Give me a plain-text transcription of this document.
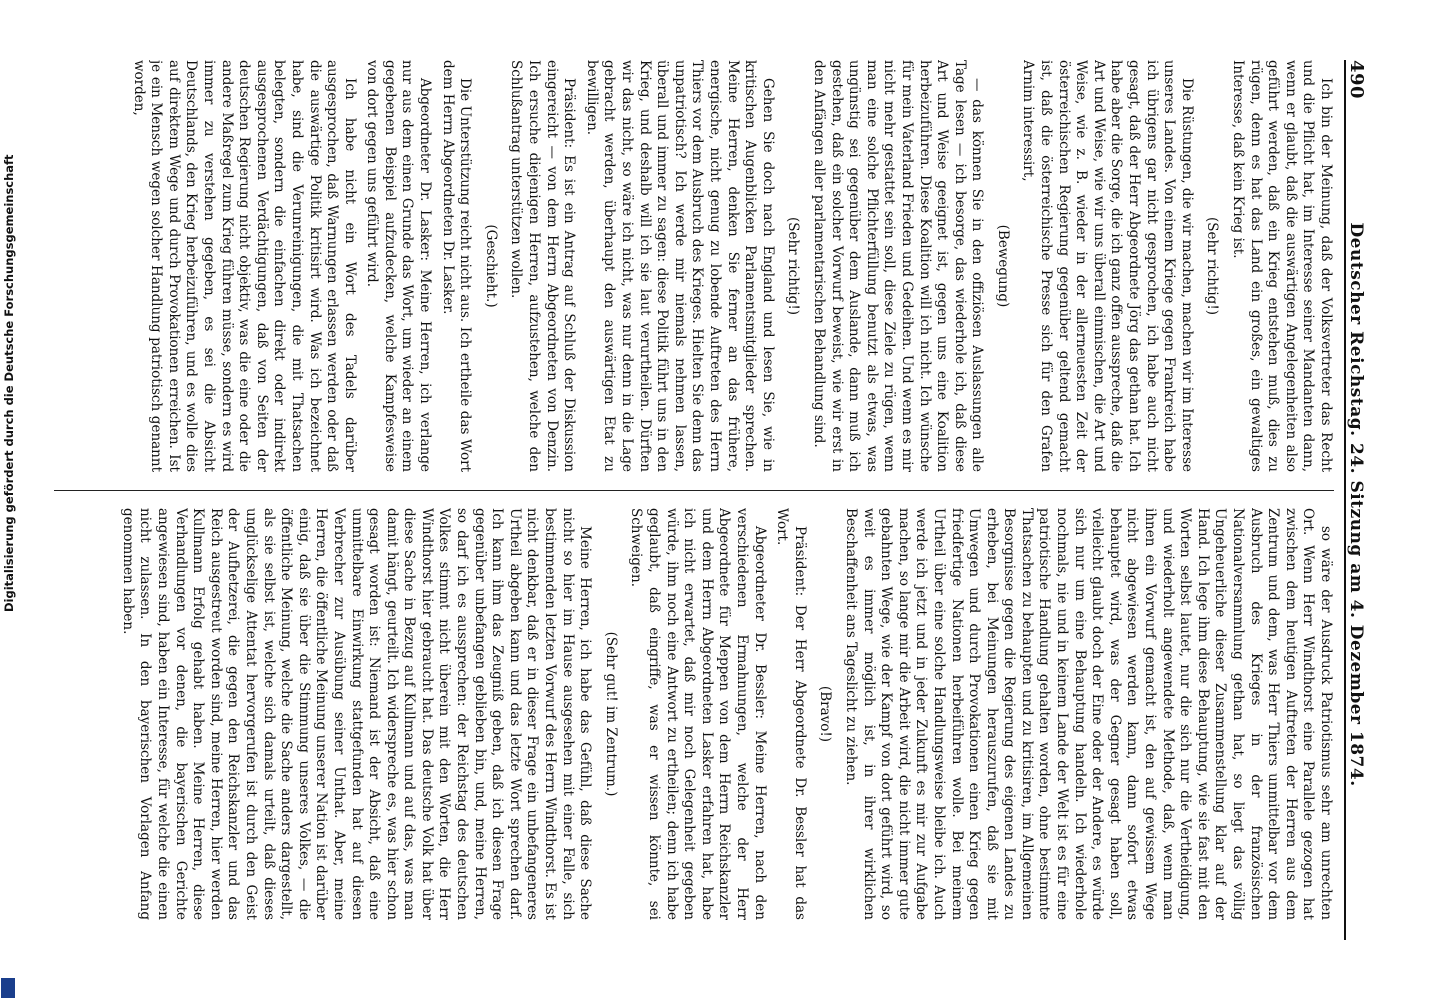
490
Deutscher Reichstag. 24. Sitzung am 4. Dezember 1874.

Ich bin der Meinung, daß der Volksvertreter das Recht und die Pflicht hat, im Interesse seiner Mandanten dann, wenn er glaubt, daß die auswärtigen Angelegenheiten also geführt werden, daß ein Krieg entstehen muß, dies zu rügen, denn es hat das Land ein großes, ein gewaltiges Interesse, daß kein Krieg ist.

(Sehr richtig!)

Die Rüstungen, die wir machen, machen wir im Interesse unseres Landes. Von einem Kriege gegen Frankreich habe ich übrigens gar nicht gesprochen, ich habe auch nicht gesagt, daß der Herr Abgeordnete Jörg das gethan hat. Ich habe aber die Sorge, die ich ganz offen ausspreche, daß die Art und Weise, wie wir uns überall einmischen, die Art und Weise, wie z. B. wieder in der allerneuesten Zeit der österreichischen Regierung gegenüber geltend gemacht ist, daß die österreichische Presse sich für den Grafen Arnim interessirt,

(Bewegung)

— das können Sie in den offiziösen Auslassungen alle Tage lesen — ich besorge, das wiederhole ich, daß diese Art und Weise geeignet ist, gegen uns eine Koalition herbeizuführen. Diese Koalition will ich nicht. Ich wünsche für mein Vaterland Frieden und Gedeihen. Und wenn es mir nicht mehr gestattet sein soll, diese Ziele zu rügen, wenn man eine solche Pflichterfüllung benutzt als etwas, was ungünstig sei gegenüber dem Auslande, dann muß ich gestehen, daß ein solcher Vorwurf beweist, wie wir erst in den Anfängen aller parlamentarischen Behandlung sind.

(Sehr richtig!)

Gehen Sie doch nach England und lesen Sie, wie in kritischen Augenblicken Parlamentsmitglieder sprechen. Meine Herren, denken Sie ferner an das frühere, energische, nicht genug zu lobende Auftreten des Herrn Thiers vor dem Ausbruch des Krieges. Hielten Sie denn das unpatriotisch? Ich werde mir niemals nehmen lassen, überall und immer zu sagen: diese Politik führt uns in den Krieg, und deshalb will ich sie laut verurtheilen. Dürften wir das nicht, so wäre ich nicht, was nur denn in die Lage gebracht werden, überhaupt den auswärtigen Etat zu bewilligen.

Präsident: Es ist ein Antrag auf Schluß der Diskussion eingereicht — von dem Herrn Abgeordneten von Denzin. Ich ersuche diejenigen Herren, aufzustehen, welche den Schlußantrag unterstützen wollen.

(Geschieht.)

Die Unterstützung reicht nicht aus. Ich ertheile das Wort dem Herrn Abgeordneten Dr. Lasker.

Abgeordneter Dr. Lasker: Meine Herren, ich verlange nur aus dem einen Grunde das Wort, um wieder an einem gegebenen Beispiel aufzudecken, welche Kampfesweise von dort gegen uns geführt wird.

Ich habe nicht ein Wort des Tadels darüber ausgesprochen, daß Warnungen erlassen werden oder daß die auswärtige Politik kritisirt wird. Was ich bezeichnet habe, sind die Verunreinigungen, die mit Thatsachen belegten, sondern die einfachen direkt oder indirekt ausgesprochenen Verdächtigungen, daß von Seiten der deutschen Regierung nicht objektiv, was die eine oder die andere Maßregel zum Krieg führen müsse, sondern es wird immer zu verstehen gegeben, es sei die Absicht Deutschlands, den Krieg herbeizuführen, und es wolle dies auf direktem Wege und durch Provokationen erreichen. Ist je ein Mensch wegen solcher Handlung patriotisch genannt worden,

so wäre der Ausdruck Patriotismus sehr am unrechten Ort. Wenn Herr Windthorst eine Parallele gezogen hat zwischen dem heutigen Auftreten der Herren aus dem Zentrum und dem, was Herr Thiers unmittelbar vor dem Ausbruch des Krieges in der französischen Nationalversammlung gethan hat, so liegt das völlig Ungeheuerliche dieser Zusammenstellung klar auf der Hand. Ich lege ihm diese Behauptung, wie sie fast mit den Worten selbst lautet, nur die sich nur die Vertheidigung, und wiederholt angewendete Methode, daß, wenn man ihnen ein Vorwurf gemacht ist, den auf gewissem Wege nicht abgewiesen werden kann, dann sofort etwas behauptet wird, was der Gegner gesagt haben soll, vielleicht glaubt doch der Eine oder der Andere, es würde sich nur um eine Behauptung handeln. Ich wiederhole nochmals, nie und in keinem Lande der Welt ist es für eine patriotische Handlung gehalten worden, ohne bestimmte Thatsachen zu behaupten und zu kritisiren, im Allgemeinen Besorgnisse gegen die Regierung des eigenen Landes zu erheben, bei Meinungen herauszurufen, daß sie mit Umwegen und durch Provokationen einen Krieg gegen friedfertige Nationen herbeiführen wolle. Bei meinem Urtheil über eine solche Handlungsweise bleibe ich. Auch werde ich jetzt und in jeder Zukunft es mir zur Aufgabe machen, so lange mir die Arbeit wird, die nicht immer gute gebahnten Wege, wie der Kampf von dort geführt wird, so weit es immer möglich ist, in ihrer wirklichen Beschaffenheit ans Tageslicht zu ziehen.

(Bravo!)

Präsident: Der Herr Abgeordnete Dr. Bessler hat das Wort.

Abgeordneter Dr. Bessler: Meine Herren, nach den verschiedenen Ermahnungen, welche der Herr Abgeordnete für Meppen von dem Herrn Reichskanzler und dem Herrn Abgeordneten Lasker erfahren hat, habe ich nicht erwartet, daß mir noch Gelegenheit gegeben würde, ihm noch eine Antwort zu ertheilen; denn ich habe geglaubt, daß eingriffe, was er wissen könnte, sei Schweigen.

(Sehr gut! im Zentrum.)

Meine Herren, ich habe das Gefühl, daß diese Sache nicht so hier im Hause ausgesehen mit einer Falle, sich bestimmenden letzten Vorwurf des Herrn Windthorst. Es ist nicht denkbar, daß er in dieser Frage ein unbefangeneres Urtheil abgeben kann und das letzte Wort sprechen darf. Ich kann ihm das Zeugniß geben, daß ich diesen Frage gegenüber unbefangen geblieben bin, und, meine Herren, so darf ich es aussprechen: der Reichstag des deutschen Volkes stimmt nicht überein mit den Worten, die Herr Windthorst hier gebraucht hat. Das deutsche Volk hat über diese Sache in Bezug auf Kullmann und auf das, was man damit hängt, geurteilt. Ich widerspreche es, was hier schon gesagt worden ist: Niemand ist der Absicht, daß eine unmittelbare Einwirkung stattgefunden hat auf diesen Verbrecher zur Ausübung seiner Unthat. Aber, meine Herren, die öffentliche Meinung unserer Nation ist darüber einig, daß sie über die Stimmung unseres Volkes, — die öffentliche Meinung, welche die Sache anders dargestellt, als sie selbst ist, welche sich damals urteilt, daß dieses unglückselige Attentat hervorgerufen ist durch den Geist der Aufhetzerei, die gegen den Reichskanzler und das Reich ausgestreut worden sind, meine Herren, hier werden Kullmann Erfolg gehabt haben. Meine Herren, diese Verhandlungen vor denen, die bayerischen Gerichte angewiesen sind, haben ein Interesse, für welche die einen nicht zulassen. In den bayerischen Vorlagen Anfang genommen haben.

Digitalisierung gefördert durch die Deutsche Forschungsgemeinschaft
